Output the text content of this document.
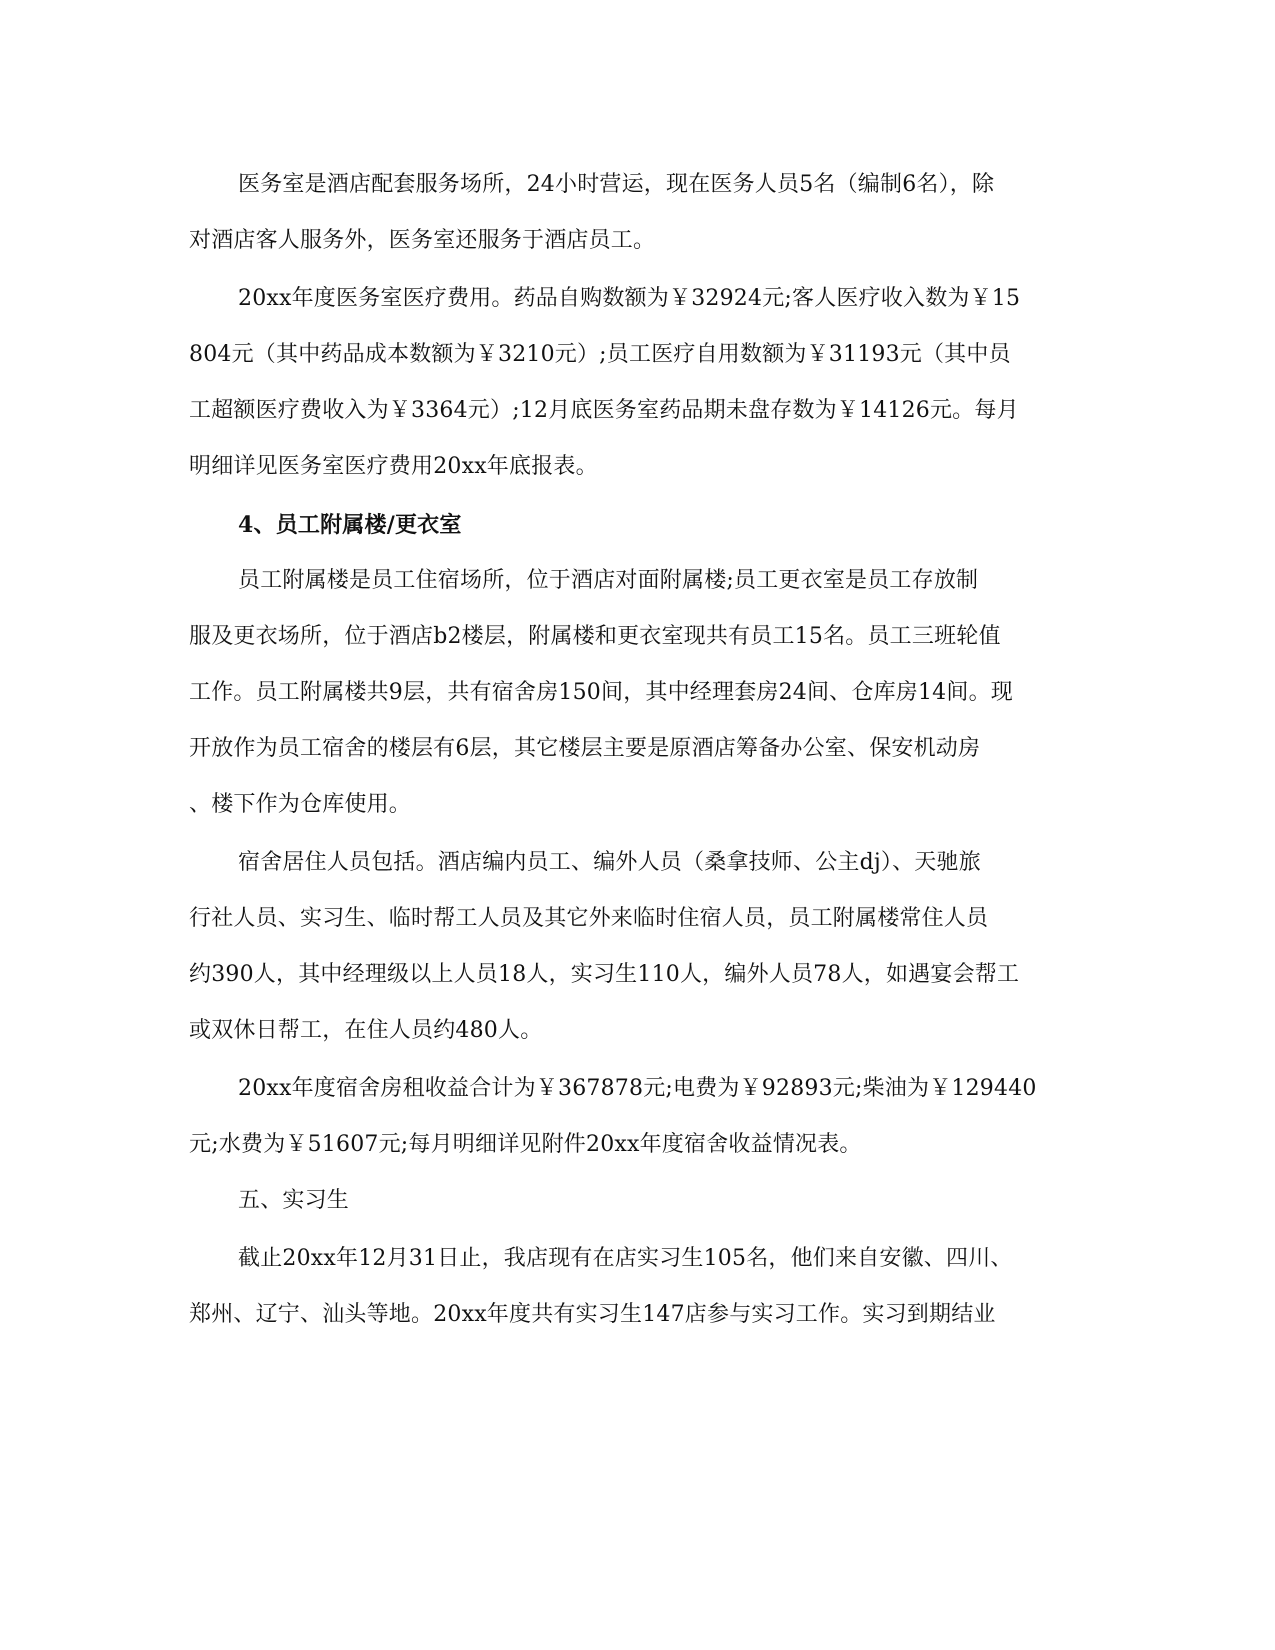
医务室是酒店配套服务场所，24小时营运，现在医务人员5名（编制6名），除
对酒店客人服务外，医务室还服务于酒店员工。
20xx年度医务室医疗费用。药品自购数额为￥32924元;客人医疗收入数为￥15
804元（其中药品成本数额为￥3210元）;员工医疗自用数额为￥31193元（其中员
工超额医疗费收入为￥3364元）;12月底医务室药品期未盘存数为￥14126元。每月
明细详见医务室医疗费用20xx年底报表。
4、员工附属楼/更衣室
员工附属楼是员工住宿场所，位于酒店对面附属楼;员工更衣室是员工存放制
服及更衣场所，位于酒店b2楼层，附属楼和更衣室现共有员工15名。员工三班轮值
工作。员工附属楼共9层，共有宿舍房150间，其中经理套房24间、仓库房14间。现
开放作为员工宿舍的楼层有6层，其它楼层主要是原酒店筹备办公室、保安机动房
、楼下作为仓库使用。
宿舍居住人员包括。酒店编内员工、编外人员（桑拿技师、公主dj）、天驰旅
行社人员、实习生、临时帮工人员及其它外来临时住宿人员，员工附属楼常住人员
约390人，其中经理级以上人员18人，实习生110人，编外人员78人，如遇宴会帮工
或双休日帮工，在住人员约480人。
20xx年度宿舍房租收益合计为￥367878元;电费为￥92893元;柴油为￥129440
元;水费为￥51607元;每月明细详见附件20xx年度宿舍收益情况表。
五、实习生
截止20xx年12月31日止，我店现有在店实习生105名，他们来自安徽、四川、
郑州、辽宁、汕头等地。20xx年度共有实习生147店参与实习工作。实习到期结业
